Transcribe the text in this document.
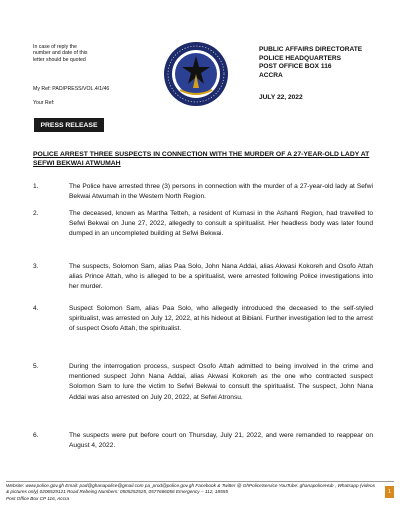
In case of reply the
number and date of this
letter should be quoted
My Ref: PAD/PRESS/VOL.4/1/46
Your Ref:
PUBLIC AFFAIRS DIRECTORATE
POLICE HEADQUARTERS
POST OFFICE BOX 116
ACCRA
JULY 22, 2022
PRESS RELEASE
POLICE ARREST THREE SUSPECTS IN CONNECTION WITH THE MURDER OF A 27-YEAR-OLD LADY AT SEFWI BEKWAI ATWUMAH
1.	The Police have arrested three (3) persons in connection with the murder of a 27-year-old lady at Sefwi Bekwai Atwumah in the Western North Region.
2.	The deceased, known as Martha Tetteh, a resident of Kumasi in the Ashanti Region, had travelled to Sefwi Bekwai on June 27, 2022, allegedly to consult a spiritualist. Her headless body was later found dumped in an uncompleted building at Sefwi Bekwai.
3.	The suspects, Solomon Sam, alias Paa Solo, John Nana Addai, alias Akwasi Kokoreh and Osofo Attah alias Prince Attah, who is alleged to be a spiritualist, were arrested following Police investigations into her murder.
4.	Suspect Solomon Sam, alias Paa Solo, who allegedly introduced the deceased to the self-styled spiritualist, was arrested on July 12, 2022, at his hideout at Bibiani. Further investigation led to the arrest of suspect Osofo Attah, the spiritualist.
5.	During the interrogation process, suspect Osofo Attah admitted to being involved in the crime and mentioned suspect John Nana Addai, alias Akwasi Kokoreh as the one who contracted suspect Solomon Sam to lure the victim to Sefwi Bekwai to consult the spiritualist. The suspect, John Nana Addai was also arrested on July 20, 2022, at Sefwi Atronsu.
6.	The suspects were put before court on Thursday, July 21, 2022, and were remanded to reappear on August 4, 2022.
Website: www.police.gov.gh Email: pad@ghanapolice@gmail.com pa_prod@police.gov.gh Facebook & Twitter @ GhPoliceService YouTube: ghanapoliceHub , Whatsapp (videos & pictures only) 0206529121 Road Rebeing Numbers: 0505252525, 0577666056 Emergency – 112, 18555
Post Office Box CP 116, Accra
1
